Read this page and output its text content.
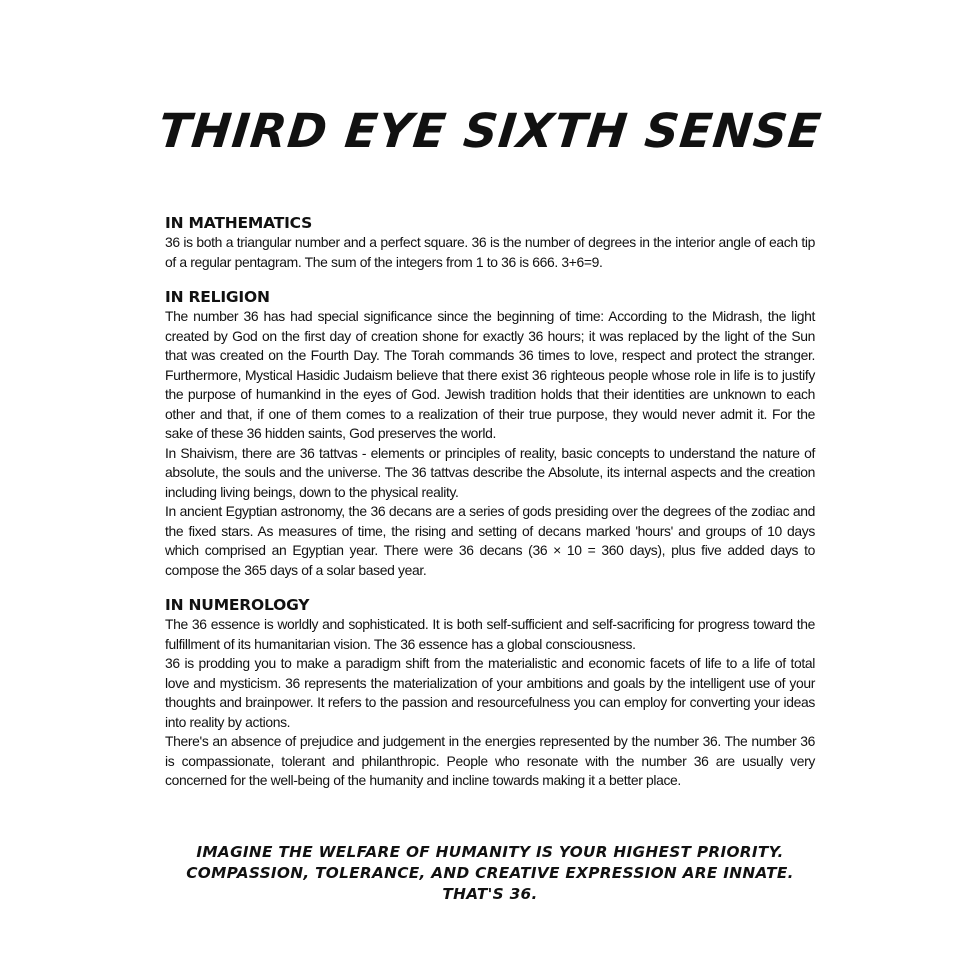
THIRD EYE SIXTH SENSE
IN MATHEMATICS

36 is both a triangular number and a perfect square. 36 is the number of degrees in the interior angle of each tip of a regular pentagram. The sum of the integers from 1 to 36 is 666. 3+6=9.

IN RELIGION

The number 36 has had special significance since the beginning of time: According to the Midrash, the light created by God on the first day of creation shone for exactly 36 hours; it was replaced by the light of the Sun that was created on the Fourth Day. The Torah commands 36 times to love, respect and protect the stranger. Furthermore, Mystical Hasidic Judaism believe that there exist 36 righteous people whose role in life is to justify the purpose of humankind in the eyes of God. Jewish tradition holds that their identities are unknown to each other and that, if one of them comes to a realization of their true purpose, they would never admit it. For the sake of these 36 hidden saints, God preserves the world.

In Shaivism, there are 36 tattvas - elements or principles of reality, basic concepts to understand the nature of absolute, the souls and the universe. The 36 tattvas describe the Absolute, its internal aspects and the creation including living beings, down to the physical reality.

In ancient Egyptian astronomy, the 36 decans are a series of gods presiding over the degrees of the zodiac and the fixed stars. As measures of time, the rising and setting of decans marked 'hours' and groups of 10 days which comprised an Egyptian year. There were 36 decans (36 × 10 = 360 days), plus five added days to compose the 365 days of a solar based year.

IN NUMEROLOGY

The 36 essence is worldly and sophisticated. It is both self-sufficient and self-sacrificing for progress toward the fulfillment of its humanitarian vision. The 36 essence has a global consciousness.

36 is prodding you to make a paradigm shift from the materialistic and economic facets of life to a life of total love and mysticism. 36 represents the materialization of your ambitions and goals by the intelligent use of your thoughts and brainpower. It refers to the passion and resourcefulness you can employ for converting your ideas into reality by actions.

There's an absence of prejudice and judgement in the energies represented by the number 36. The number 36 is compassionate, tolerant and philanthropic. People who resonate with the number 36 are usually very concerned for the well-being of the humanity and incline towards making it a better place.

IMAGINE THE WELFARE OF HUMANITY IS YOUR HIGHEST PRIORITY.
COMPASSION, TOLERANCE, AND CREATIVE EXPRESSION ARE INNATE.
THAT'S 36.
